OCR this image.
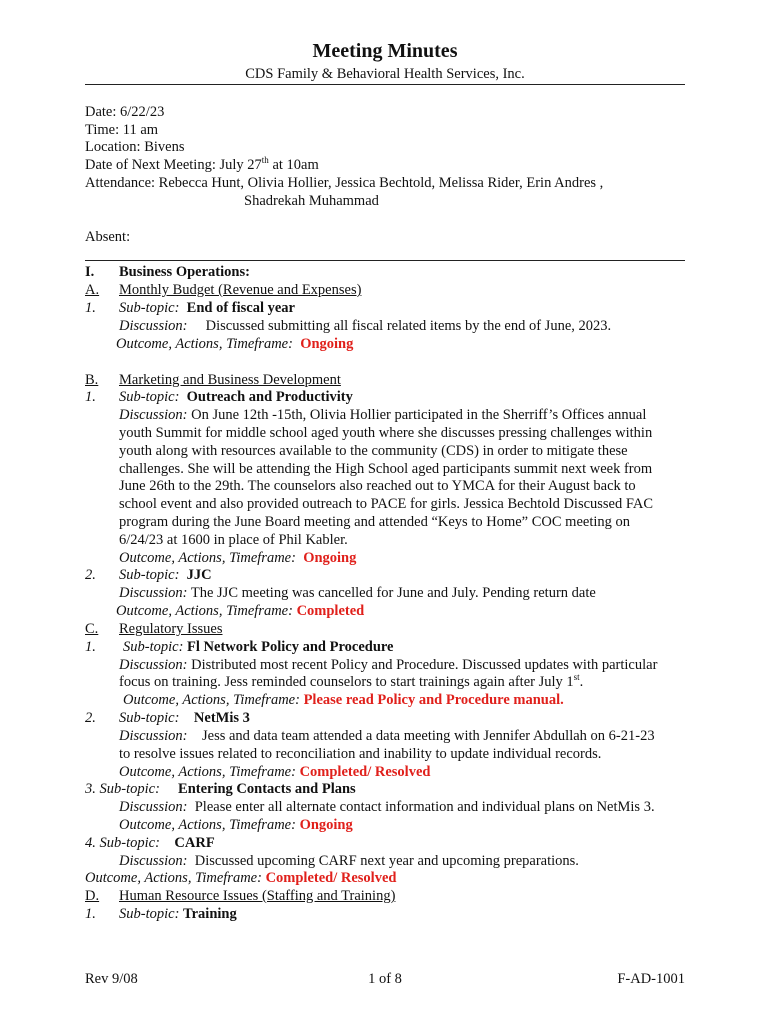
Meeting Minutes
CDS Family & Behavioral Health Services, Inc.
Date: 6/22/23
Time: 11 am
Location: Bivens
Date of Next Meeting: July 27th at 10am
Attendance: Rebecca Hunt, Olivia Hollier, Jessica Bechtold, Melissa Rider, Erin Andres ,
Shadrekah Muhammad
Absent:
I. Business Operations:
A.	Monthly Budget (Revenue and Expenses)
1. Sub-topic: End of fiscal year
Discussion: Discussed submitting all fiscal related items by the end of June, 2023.
Outcome, Actions, Timeframe: Ongoing
B.	Marketing and Business Development
1. Sub-topic: Outreach and Productivity
Discussion: On June 12th -15th, Olivia Hollier participated in the Sherriff’s Offices annual
youth Summit for middle school aged youth where she discusses pressing challenges within
youth along with resources available to the community (CDS) in order to mitigate these
challenges. She will be attending the High School aged participants summit next week from
June 26th to the 29th. The counselors also reached out to YMCA for their August back to
school event and also provided outreach to PACE for girls. Jessica Bechtold Discussed FAC
program during the June Board meeting and attended “Keys to Home” COC meeting on
6/24/23 at 1600 in place of Phil Kabler.
Outcome, Actions, Timeframe: Ongoing
2. Sub-topic: JJC
Discussion: The JJC meeting was cancelled for June and July. Pending return date
Outcome, Actions, Timeframe: Completed
C.	Regulatory Issues
1. Sub-topic: Fl Network Policy and Procedure
Discussion: Distributed most recent Policy and Procedure. Discussed updates with particular
focus on training. Jess reminded counselors to start trainings again after July 1st.
Outcome, Actions, Timeframe: Please read Policy and Procedure manual.
2. Sub-topic: NetMis 3
Discussion: Jess and data team attended a data meeting with Jennifer Abdullah on 6-21-23
to resolve issues related to reconciliation and inability to update individual records.
Outcome, Actions, Timeframe: Completed/ Resolved
3. Sub-topic: Entering Contacts and Plans
Discussion: Please enter all alternate contact information and individual plans on NetMis 3.
Outcome, Actions, Timeframe: Ongoing
4. Sub-topic: CARF
Discussion: Discussed upcoming CARF next year and upcoming preparations.
Outcome, Actions, Timeframe: Completed/ Resolved
D.	Human Resource Issues (Staffing and Training)
1. Sub-topic: Training
Rev 9/08	1 of 8	F-AD-1001
